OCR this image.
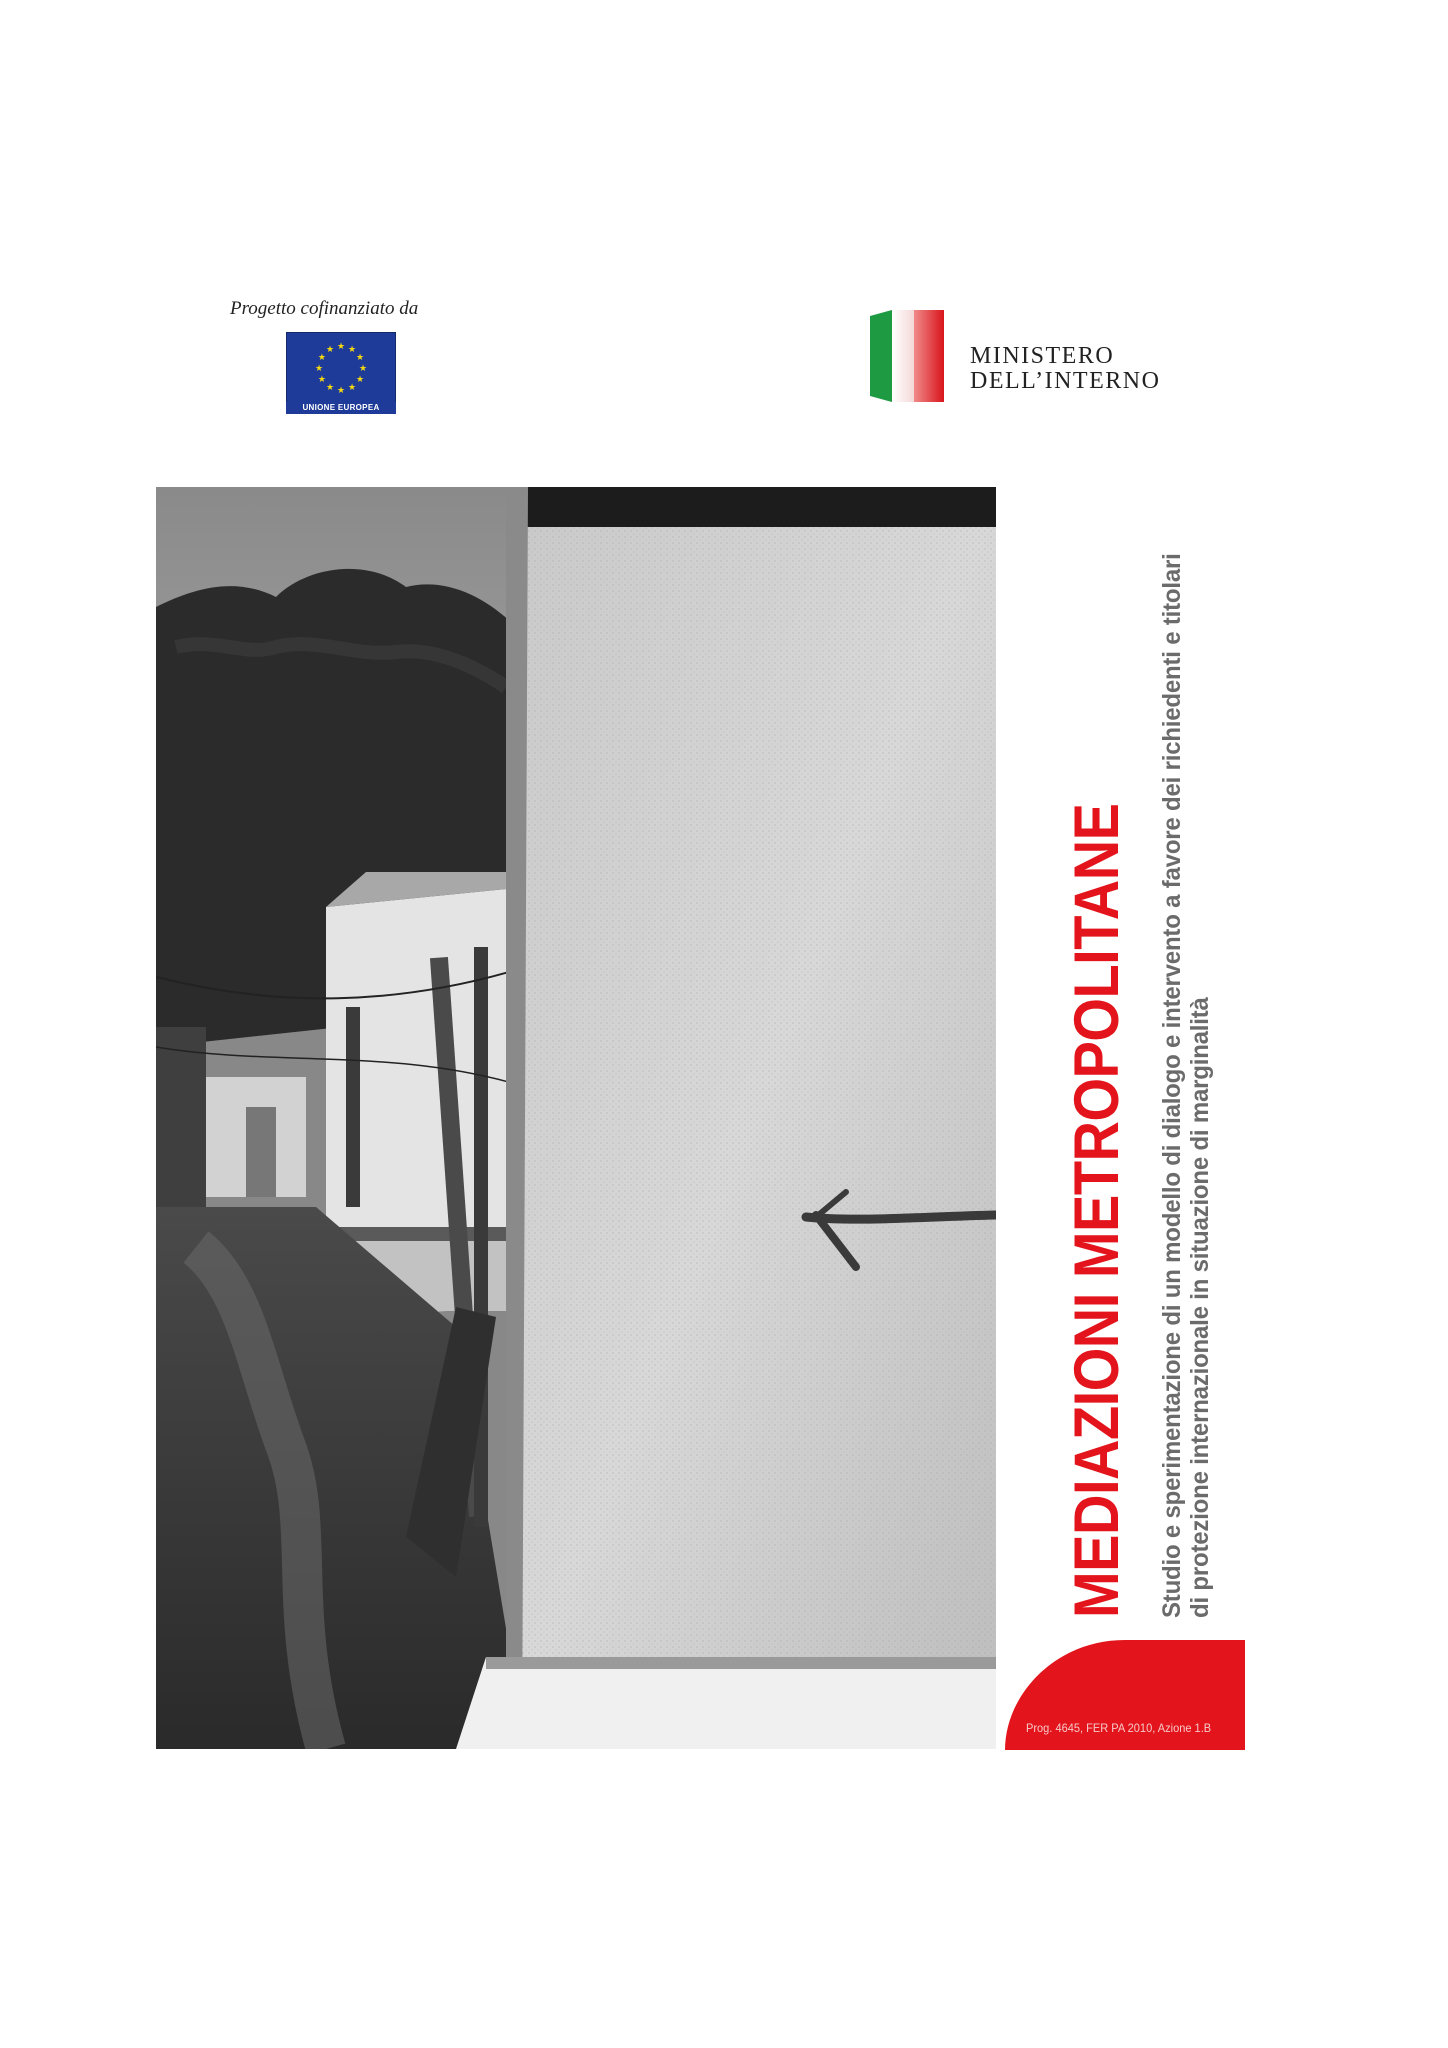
Progetto cofinanziato da
★ ★
★
★
★
★
★
★
★
★
★
★
UNIONE EUROPEA
MINISTERO
DELL’INTERNO
MEDIAZIONI METROPOLITANE Studio e sperimentazione di un modello di dialogo e intervento a favore dei richiedenti e titolari di protezione internazionale in situazione di marginalità
Prog. 4645, FER PA 2010, Azione 1.B
